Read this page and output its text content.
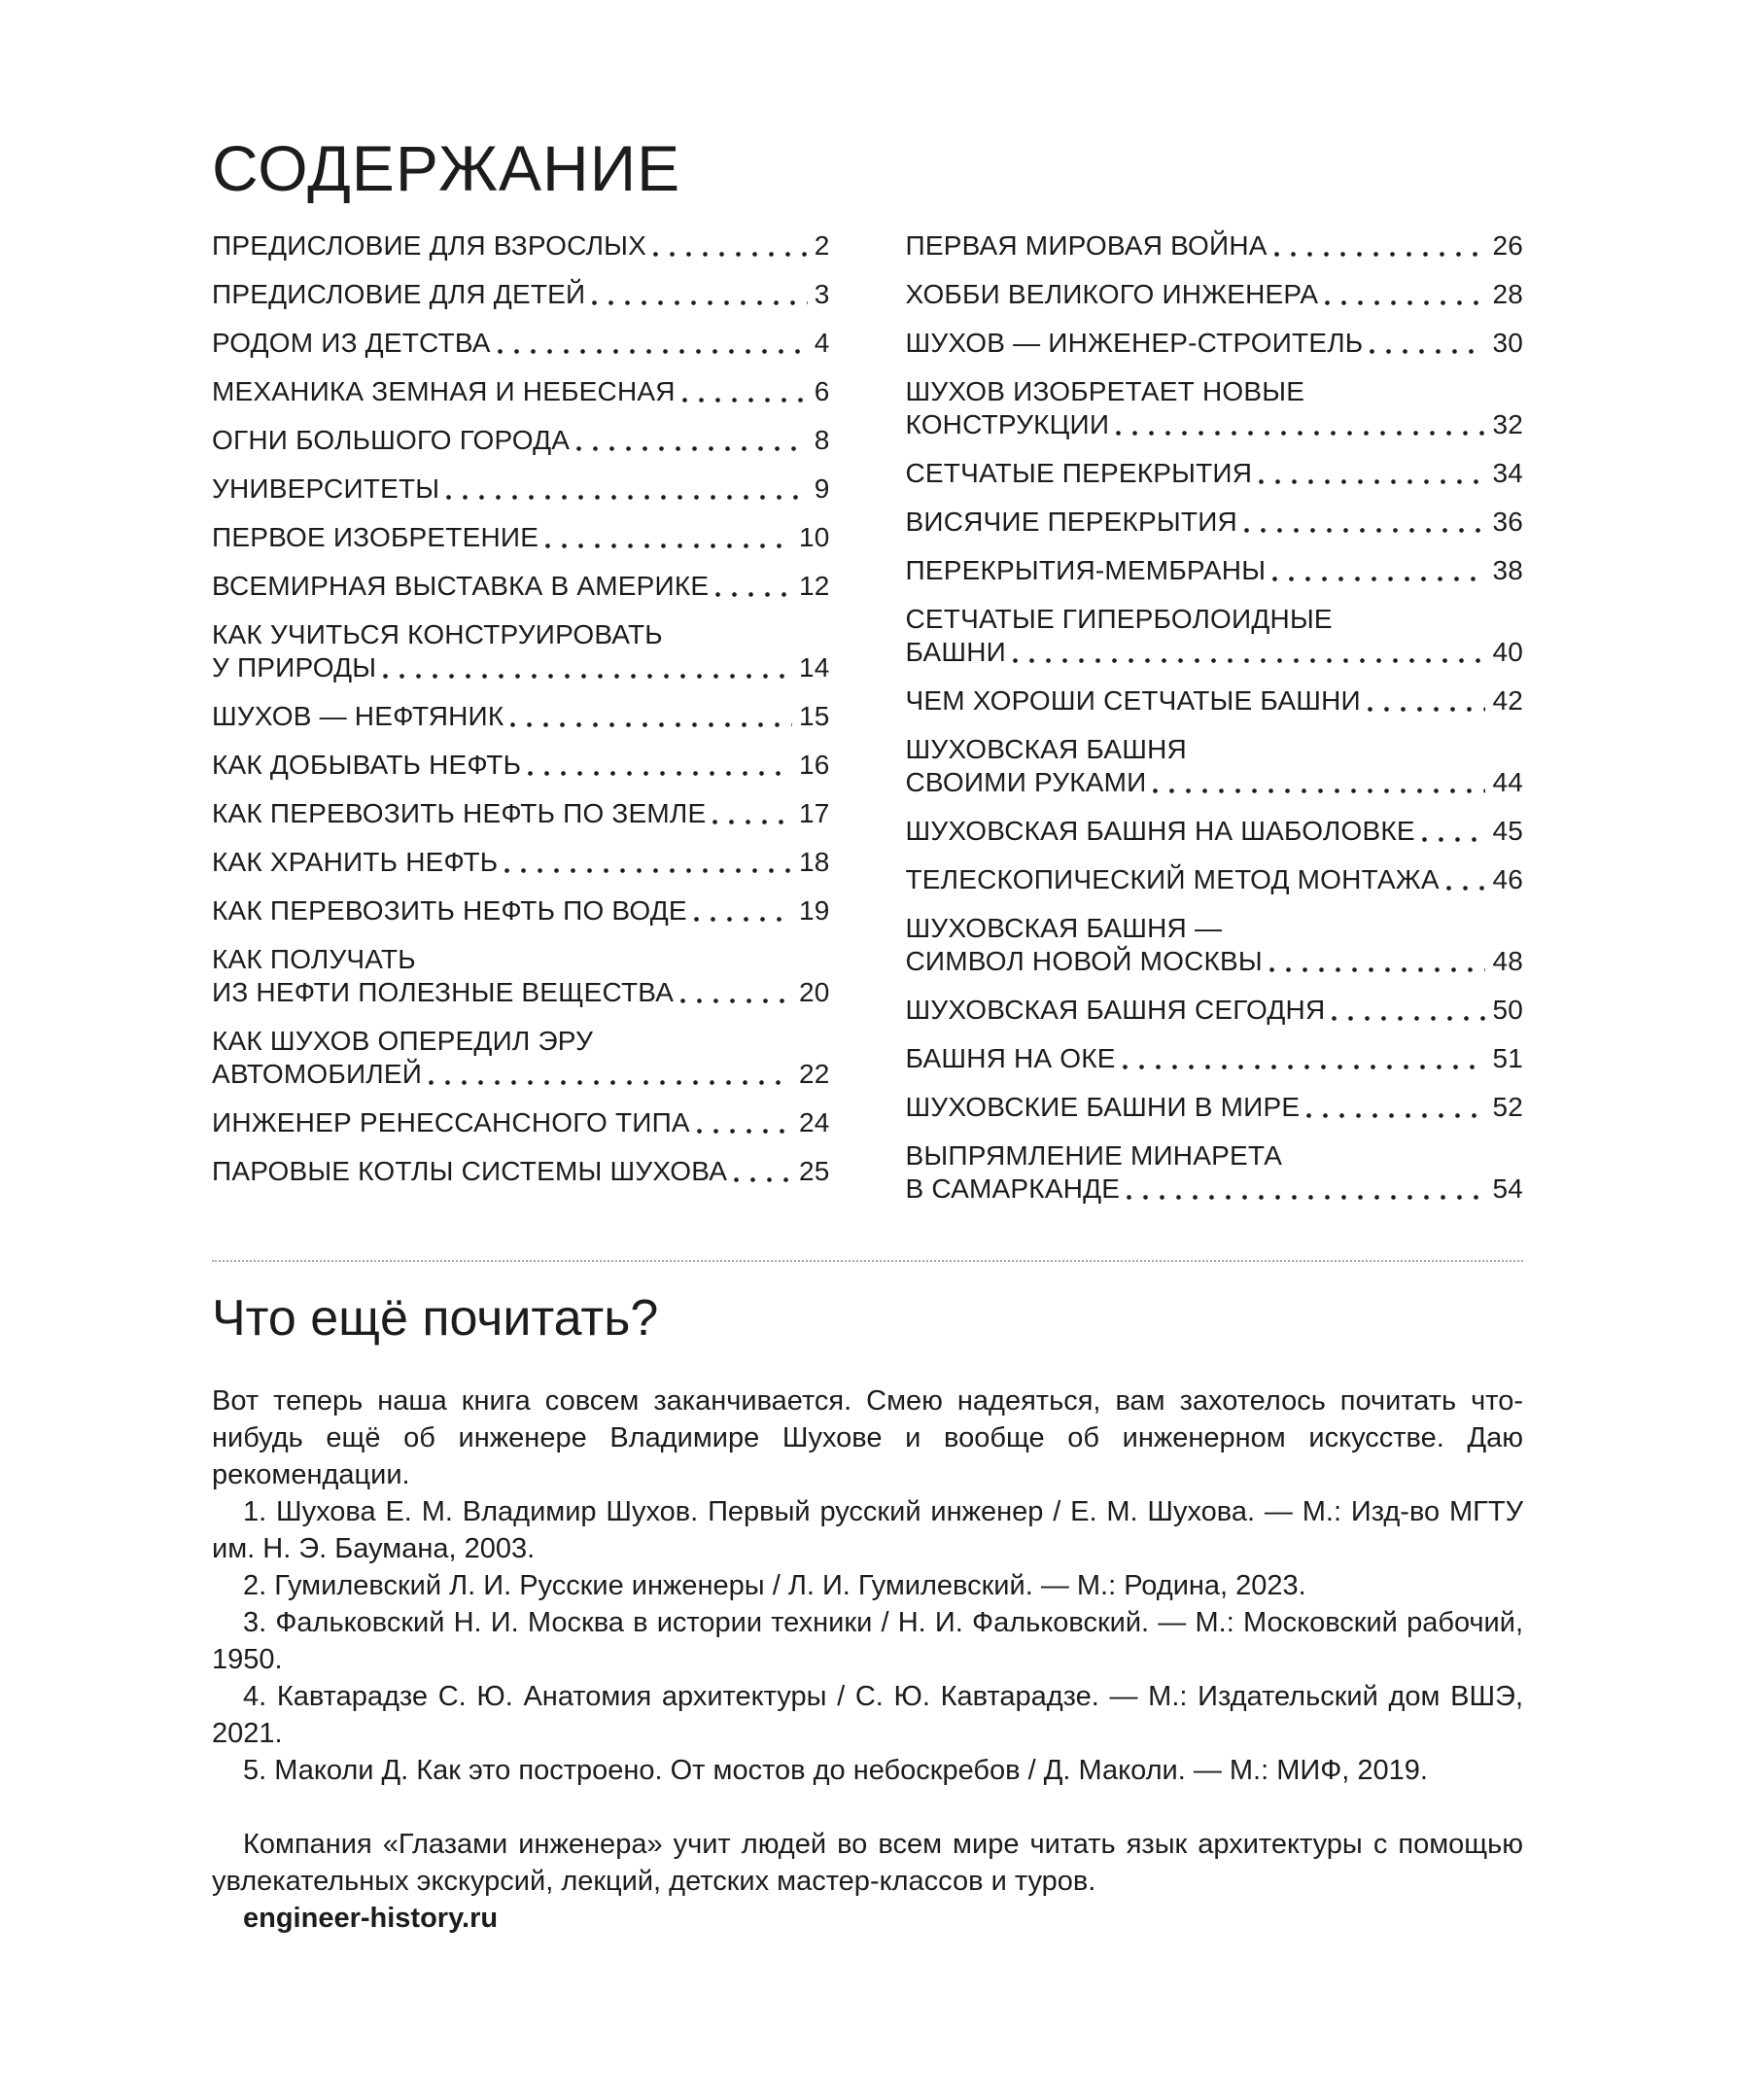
СОДЕРЖАНИЕ
ПРЕДИСЛОВИЕ ДЛЯ ВЗРОСЛЫХ	2
ПРЕДИСЛОВИЕ ДЛЯ ДЕТЕЙ	3
РОДОМ ИЗ ДЕТСТВА	4
МЕХАНИКА ЗЕМНАЯ И НЕБЕСНАЯ	6
ОГНИ БОЛЬШОГО ГОРОДА	8
УНИВЕРСИТЕТЫ	9
ПЕРВОЕ ИЗОБРЕТЕНИЕ	10
ВСЕМИРНАЯ ВЫСТАВКА В АМЕРИКЕ	12
КАК УЧИТЬСЯ КОНСТРУИРОВАТЬ
У ПРИРОДЫ	14
ШУХОВ — НЕФТЯНИК	15
КАК ДОБЫВАТЬ НЕФТЬ	16
КАК ПЕРЕВОЗИТЬ НЕФТЬ ПО ЗЕМЛЕ	17
КАК ХРАНИТЬ НЕФТЬ	18
КАК ПЕРЕВОЗИТЬ НЕФТЬ ПО ВОДЕ	19
КАК ПОЛУЧАТЬ
ИЗ НЕФТИ ПОЛЕЗНЫЕ ВЕЩЕСТВА	20
КАК ШУХОВ ОПЕРЕДИЛ ЭРУ
АВТОМОБИЛЕЙ	22
ИНЖЕНЕР РЕНЕССАНСНОГО ТИПА	24
ПАРОВЫЕ КОТЛЫ СИСТЕМЫ ШУХОВА	25
ПЕРВАЯ МИРОВАЯ ВОЙНА	26
ХОББИ ВЕЛИКОГО ИНЖЕНЕРА	28
ШУХОВ — ИНЖЕНЕР-СТРОИТЕЛЬ	30
ШУХОВ ИЗОБРЕТАЕТ НОВЫЕ
КОНСТРУКЦИИ	32
СЕТЧАТЫЕ ПЕРЕКРЫТИЯ	34
ВИСЯЧИЕ ПЕРЕКРЫТИЯ	36
ПЕРЕКРЫТИЯ-МЕМБРАНЫ	38
СЕТЧАТЫЕ ГИПЕРБОЛОИДНЫЕ
БАШНИ	40
ЧЕМ ХОРОШИ СЕТЧАТЫЕ БАШНИ	42
ШУХОВСКАЯ БАШНЯ
СВОИМИ РУКАМИ	44
ШУХОВСКАЯ БАШНЯ НА ШАБОЛОВКЕ	45
ТЕЛЕСКОПИЧЕСКИЙ МЕТОД МОНТАЖА 46
ШУХОВСКАЯ БАШНЯ —
СИМВОЛ НОВОЙ МОСКВЫ	48
ШУХОВСКАЯ БАШНЯ СЕГОДНЯ	50
БАШНЯ НА ОКЕ	51
ШУХОВСКИЕ БАШНИ В МИРЕ	52
ВЫПРЯМЛЕНИЕ МИНАРЕТА
В САМАРКАНДЕ	54
Что ещё почитать?

Вот теперь наша книга совсем заканчивается. Смею надеяться, вам захотелось почитать что-нибудь ещё об инженере Владимире Шухове и вообще об инженерном искусстве. Даю рекомендации.

1. Шухова Е. М. Владимир Шухов. Первый русский инженер / Е. М. Шухова. — М.: Изд-во МГТУ им. Н. Э. Баумана, 2003.

2. Гумилевский Л. И. Русские инженеры / Л. И. Гумилевский. — М.: Родина, 2023.

3. Фальковский Н. И. Москва в истории техники / Н. И. Фальковский. — М.: Московский рабочий, 1950.

4. Кавтарадзе С. Ю. Анатомия архитектуры / С. Ю. Кавтарадзе. — М.: Издательский дом ВШЭ, 2021.

5. Маколи Д. Как это построено. От мостов до небоскребов / Д. Маколи. — М.: МИФ, 2019.

Компания «Глазами инженера» учит людей во всем мире читать язык архитектуры с помощью увлекательных экскурсий, лекций, детских мастер-классов и туров.

engineer-history.ru
